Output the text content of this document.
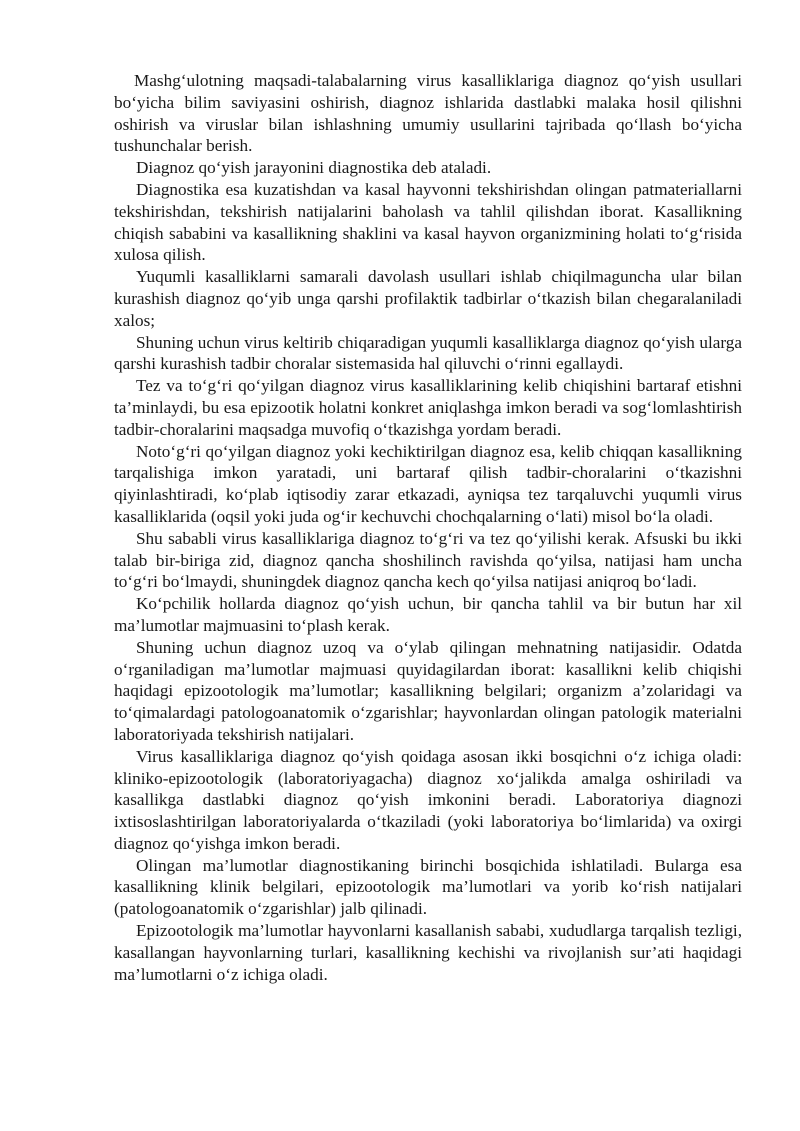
Mashg‘ulotning maqsadi-talabalarning virus kasalliklariga diagnoz qo‘yish usullari bo‘yicha bilim saviyasini oshirish, diagnoz ishlarida dastlabki malaka hosil qilishni oshirish va viruslar bilan ishlashning umumiy usullarini tajribada qo‘llash bo‘yicha tushunchalar berish.

Diagnoz qo‘yish jarayonini diagnostika deb ataladi.

Diagnostika esa kuzatishdan va kasal hayvonni tekshirishdan olingan patmateriallarni tekshirishdan, tekshirish natijalarini baholash va tahlil qilishdan iborat. Kasallikning chiqish sababini va kasallikning shaklini va kasal hayvon organizmining holati to‘g‘risida xulosa qilish.

Yuqumli kasalliklarni samarali davolash usullari ishlab chiqilmaguncha ular bilan kurashish diagnoz qo‘yib unga qarshi profilaktik tadbirlar o‘tkazish bilan chegaralaniladi xalos;

Shuning uchun virus keltirib chiqaradigan yuqumli kasalliklarga diagnoz qo‘yish ularga qarshi kurashish tadbir choralar sistemasida hal qiluvchi o‘rinni egallaydi.

Tez va to‘g‘ri qo‘yilgan diagnoz virus kasalliklarining kelib chiqishini bartaraf etishni ta’minlaydi, bu esa epizootik holatni konkret aniqlashga imkon beradi va sog‘lomlashtirish tadbir-choralarini maqsadga muvofiq o‘tkazishga yordam beradi.

Noto‘g‘ri qo‘yilgan diagnoz yoki kechiktirilgan diagnoz esa, kelib chiqqan kasallikning tarqalishiga imkon yaratadi, uni bartaraf qilish tadbir-choralarini o‘tkazishni qiyinlashtiradi, ko‘plab iqtisodiy zarar etkazadi, ayniqsa tez tarqaluvchi yuqumli virus kasalliklarida (oqsil yoki juda og‘ir kechuvchi chochqalarning o‘lati) misol bo‘la oladi.

Shu sababli virus kasalliklariga diagnoz to‘g‘ri va tez qo‘yilishi kerak. Afsuski bu ikki talab bir-biriga zid, diagnoz qancha shoshilinch ravishda qo‘yilsa, natijasi ham uncha to‘g‘ri bo‘lmaydi, shuningdek diagnoz qancha kech qo‘yilsa natijasi aniqroq bo‘ladi.

Ko‘pchilik hollarda diagnoz qo‘yish uchun, bir qancha tahlil va bir butun har xil ma’lumotlar majmuasini to‘plash kerak.

Shuning uchun diagnoz uzoq va o‘ylab qilingan mehnatning natijasidir. Odatda o‘rganiladigan ma’lumotlar majmuasi quyidagilardan iborat: kasallikni kelib chiqishi haqidagi epizootologik ma’lumotlar; kasallikning belgilari; organizm a’zolaridagi va to‘qimalardagi patologoanatomik o‘zgarishlar; hayvonlardan olingan patologik materialni laboratoriyada tekshirish natijalari.

Virus kasalliklariga diagnoz qo‘yish qoidaga asosan ikki bosqichni o‘z ichiga oladi: kliniko-epizootologik (laboratoriyagacha) diagnoz xo‘jalikda amalga oshiriladi va kasallikga dastlabki diagnoz qo‘yish imkonini beradi. Laboratoriya diagnozi ixtisoslashtirilgan laboratoriyalarda o‘tkaziladi (yoki laboratoriya bo‘limlarida) va oxirgi diagnoz qo‘yishga imkon beradi.

Olingan ma’lumotlar diagnostikaning birinchi bosqichida ishlatiladi. Bularga esa kasallikning klinik belgilari, epizootologik ma’lumotlari va yorib ko‘rish natijalari (patologoanatomik o‘zgarishlar) jalb qilinadi.

Epizootologik ma’lumotlar hayvonlarni kasallanish sababi, xududlarga tarqalish tezligi, kasallangan hayvonlarning turlari, kasallikning kechishi va rivojlanish sur’ati haqidagi ma’lumotlarni o‘z ichiga oladi.
